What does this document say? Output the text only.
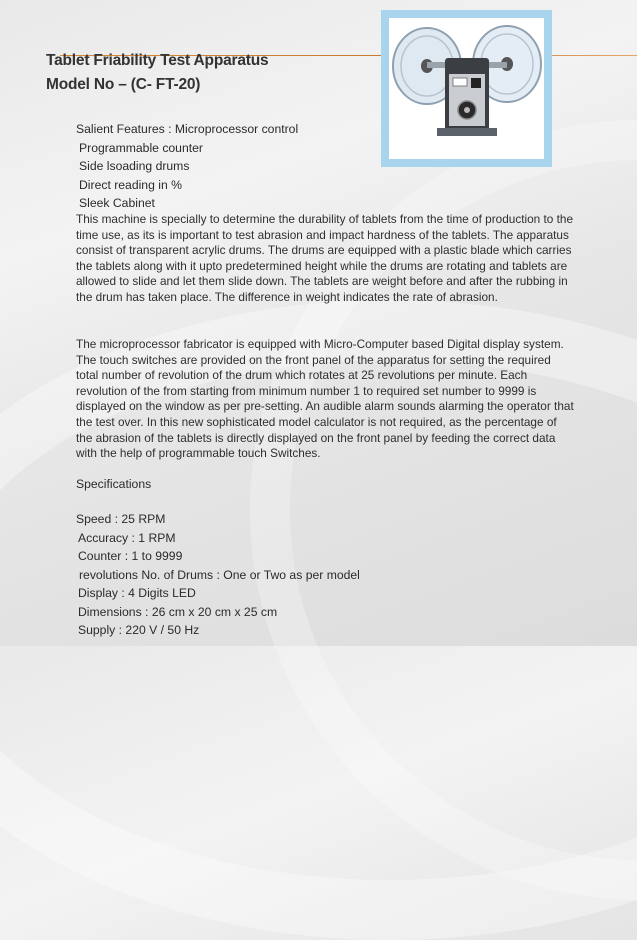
Tablet Friability Test Apparatus
Model No – (C- FT-20)
Salient Features : Microprocessor control
Programmable counter
Side lsoading drums
Direct reading in %
Sleek Cabinet

This machine is specially to determine the durability of tablets from the time of production to the time use, as its is important to test abrasion and impact hardness of the tablets. The apparatus consist of transparent acrylic drums. The drums are equipped with a plastic blade which carries the tablets along with it upto predetermined height while the drums are rotating and tablets are allowed to slide and let them slide down. The tablets are weight before and after the rubbing in the drum has taken place. The difference in weight indicates the rate of abrasion.

The microprocessor fabricator is equipped with Micro-Computer based Digital display system. The touch switches are provided on the front panel of the apparatus for setting the required total number of revolution of the drum which rotates at 25 revolutions per minute. Each revolution of the from starting from minimum number 1 to required set number to 9999 is displayed on the window as per pre-setting. An audible alarm sounds alarming the operator that the test over. In this new sophisticated model calculator is not required, as the percentage of the abrasion of the tablets is directly displayed on the front panel by feeding the correct data with the help of programmable touch Switches.

Specifications
Speed : 25 RPM
Accuracy : 1 RPM
Counter : 1 to 9999
revolutions No. of Drums : One or Two as per model
Display : 4 Digits LED
Dimensions : 26 cm x 20 cm x 25 cm
Supply : 220 V / 50 Hz
